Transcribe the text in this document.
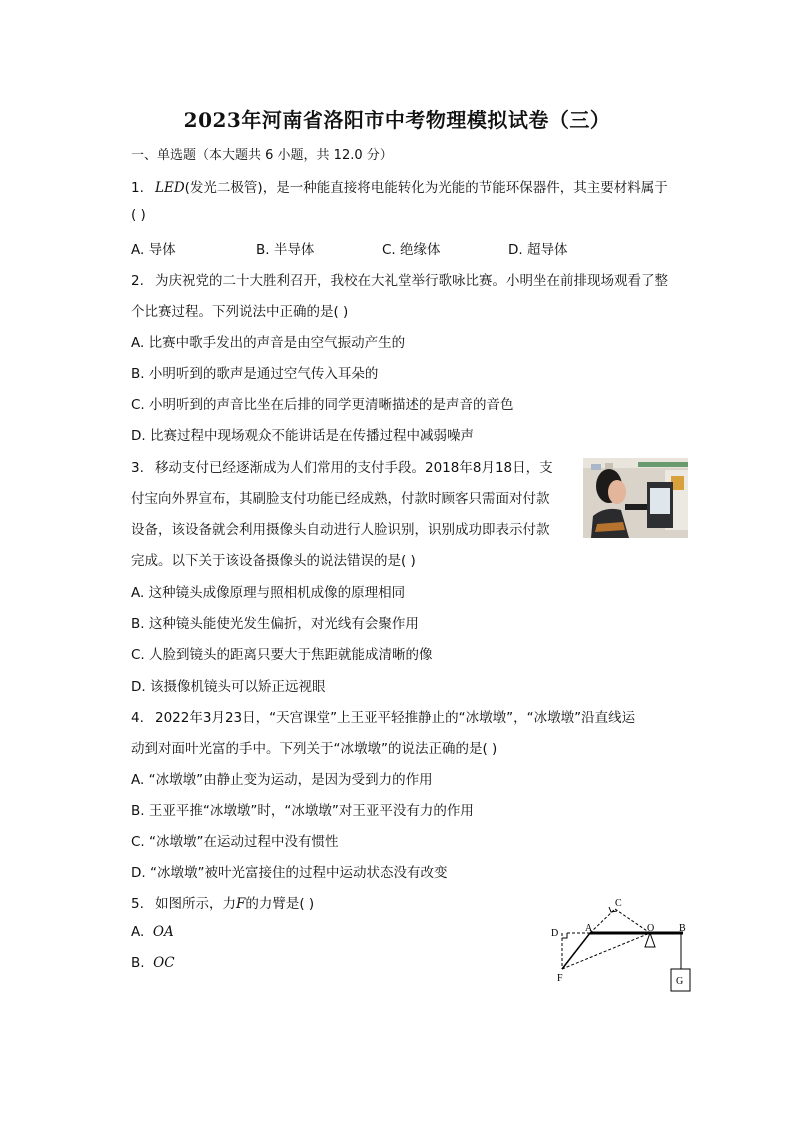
2023年河南省洛阳市中考物理模拟试卷（三）
一、单选题（本大题共 6 小题，共 12.0 分）
1. LED(发光二极管)，是一种能直接将电能转化为光能的节能环保器件，其主要材料属于
( )
A. 导体	B. 半导体	C. 绝缘体	D. 超导体
2. 为庆祝党的二十大胜利召开，我校在大礼堂举行歌咏比赛。小明坐在前排现场观看了整
个比赛过程。下列说法中正确的是( )
A. 比赛中歌手发出的声音是由空气振动产生的
B. 小明听到的歌声是通过空气传入耳朵的
C. 小明听到的声音比坐在后排的同学更清晰描述的是声音的音色
D. 比赛过程中现场观众不能讲话是在传播过程中减弱噪声
3. 移动支付已经逐渐成为人们常用的支付手段。2018年8月18日，支
付宝向外界宣布，其刷脸支付功能已经成熟，付款时顾客只需面对付款
设备，该设备就会利用摄像头自动进行人脸识别，识别成功即表示付款
完成。以下关于该设备摄像头的说法错误的是( )
A. 这种镜头成像原理与照相机成像的原理相同
B. 这种镜头能使光发生偏折，对光线有会聚作用
C. 人脸到镜头的距离只要大于焦距就能成清晰的像
D. 该摄像机镜头可以矫正远视眼
4. 2022年3月23日，“天宫课堂”上王亚平轻推静止的“冰墩墩”，“冰墩墩”沿直线运
动到对面叶光富的手中。下列关于“冰墩墩”的说法正确的是( )
A. “冰墩墩”由静止变为运动，是因为受到力的作用
B. 王亚平推“冰墩墩”时，“冰墩墩”对王亚平没有力的作用
C. “冰墩墩”在运动过程中没有惯性
D. “冰墩墩”被叶光富接住的过程中运动状态没有改变
5. 如图所示，力F的力臂是( )
A. OA
B. OC
C
D	A	O B
F	G
